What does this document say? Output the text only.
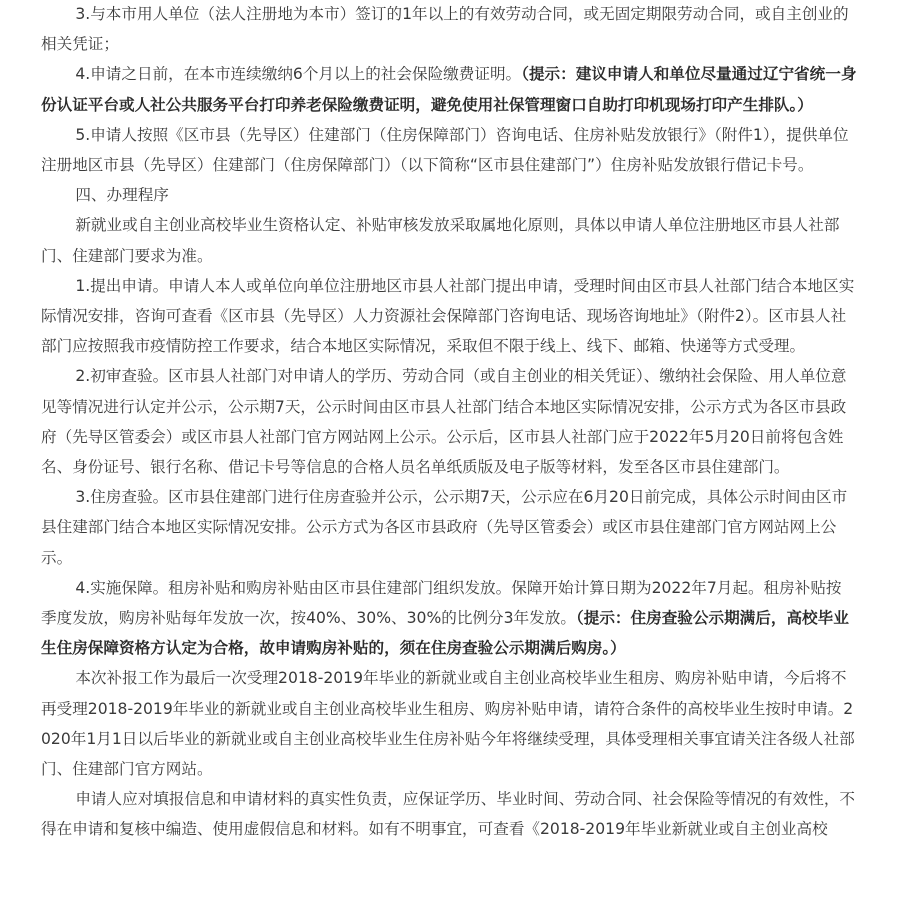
3.与本市用人单位（法人注册地为本市）签订的1年以上的有效劳动合同，或无固定期限劳动合同，或自主创业的相关凭证；

4.申请之日前，在本市连续缴纳6个月以上的社会保险缴费证明。（提示：建议申请人和单位尽量通过辽宁省统一身份认证平台或人社公共服务平台打印养老保险缴费证明，避免使用社保管理窗口自助打印机现场打印产生排队。）

5.申请人按照《区市县（先导区）住建部门（住房保障部门）咨询电话、住房补贴发放银行》（附件1），提供单位注册地区市县（先导区）住建部门（住房保障部门）（以下简称“区市县住建部门”）住房补贴发放银行借记卡号。

四、办理程序

新就业或自主创业高校毕业生资格认定、补贴审核发放采取属地化原则，具体以申请人单位注册地区市县人社部门、住建部门要求为准。

1.提出申请。申请人本人或单位向单位注册地区市县人社部门提出申请，受理时间由区市县人社部门结合本地区实际情况安排，咨询可查看《区市县（先导区）人力资源社会保障部门咨询电话、现场咨询地址》（附件2）。区市县人社部门应按照我市疫情防控工作要求，结合本地区实际情况，采取但不限于线上、线下、邮箱、快递等方式受理。

2.初审查验。区市县人社部门对申请人的学历、劳动合同（或自主创业的相关凭证）、缴纳社会保险、用人单位意见等情况进行认定并公示，公示期7天，公示时间由区市县人社部门结合本地区实际情况安排，公示方式为各区市县政府（先导区管委会）或区市县人社部门官方网站网上公示。公示后，区市县人社部门应于2022年5月20日前将包含姓名、身份证号、银行名称、借记卡号等信息的合格人员名单纸质版及电子版等材料，发至各区市县住建部门。

3.住房查验。区市县住建部门进行住房查验并公示，公示期7天，公示应在6月20日前完成，具体公示时间由区市县住建部门结合本地区实际情况安排。公示方式为各区市县政府（先导区管委会）或区市县住建部门官方网站网上公示。

4.实施保障。租房补贴和购房补贴由区市县住建部门组织发放。保障开始计算日期为2022年7月起。租房补贴按季度发放，购房补贴每年发放一次，按40%、30%、30%的比例分3年发放。（提示：住房查验公示期满后，高校毕业生住房保障资格方认定为合格，故申请购房补贴的，须在住房查验公示期满后购房。）

本次补报工作为最后一次受理2018-2019年毕业的新就业或自主创业高校毕业生租房、购房补贴申请，今后将不再受理2018-2019年毕业的新就业或自主创业高校毕业生租房、购房补贴申请，请符合条件的高校毕业生按时申请。2020年1月1日以后毕业的新就业或自主创业高校毕业生住房补贴今年将继续受理，具体受理相关事宜请关注各级人社部门、住建部门官方网站。

申请人应对填报信息和申请材料的真实性负责，应保证学历、毕业时间、劳动合同、社会保险等情况的有效性，不得在申请和复核中编造、使用虚假信息和材料。如有不明事宜，可查看《2018-2019年毕业新就业或自主创业高校
